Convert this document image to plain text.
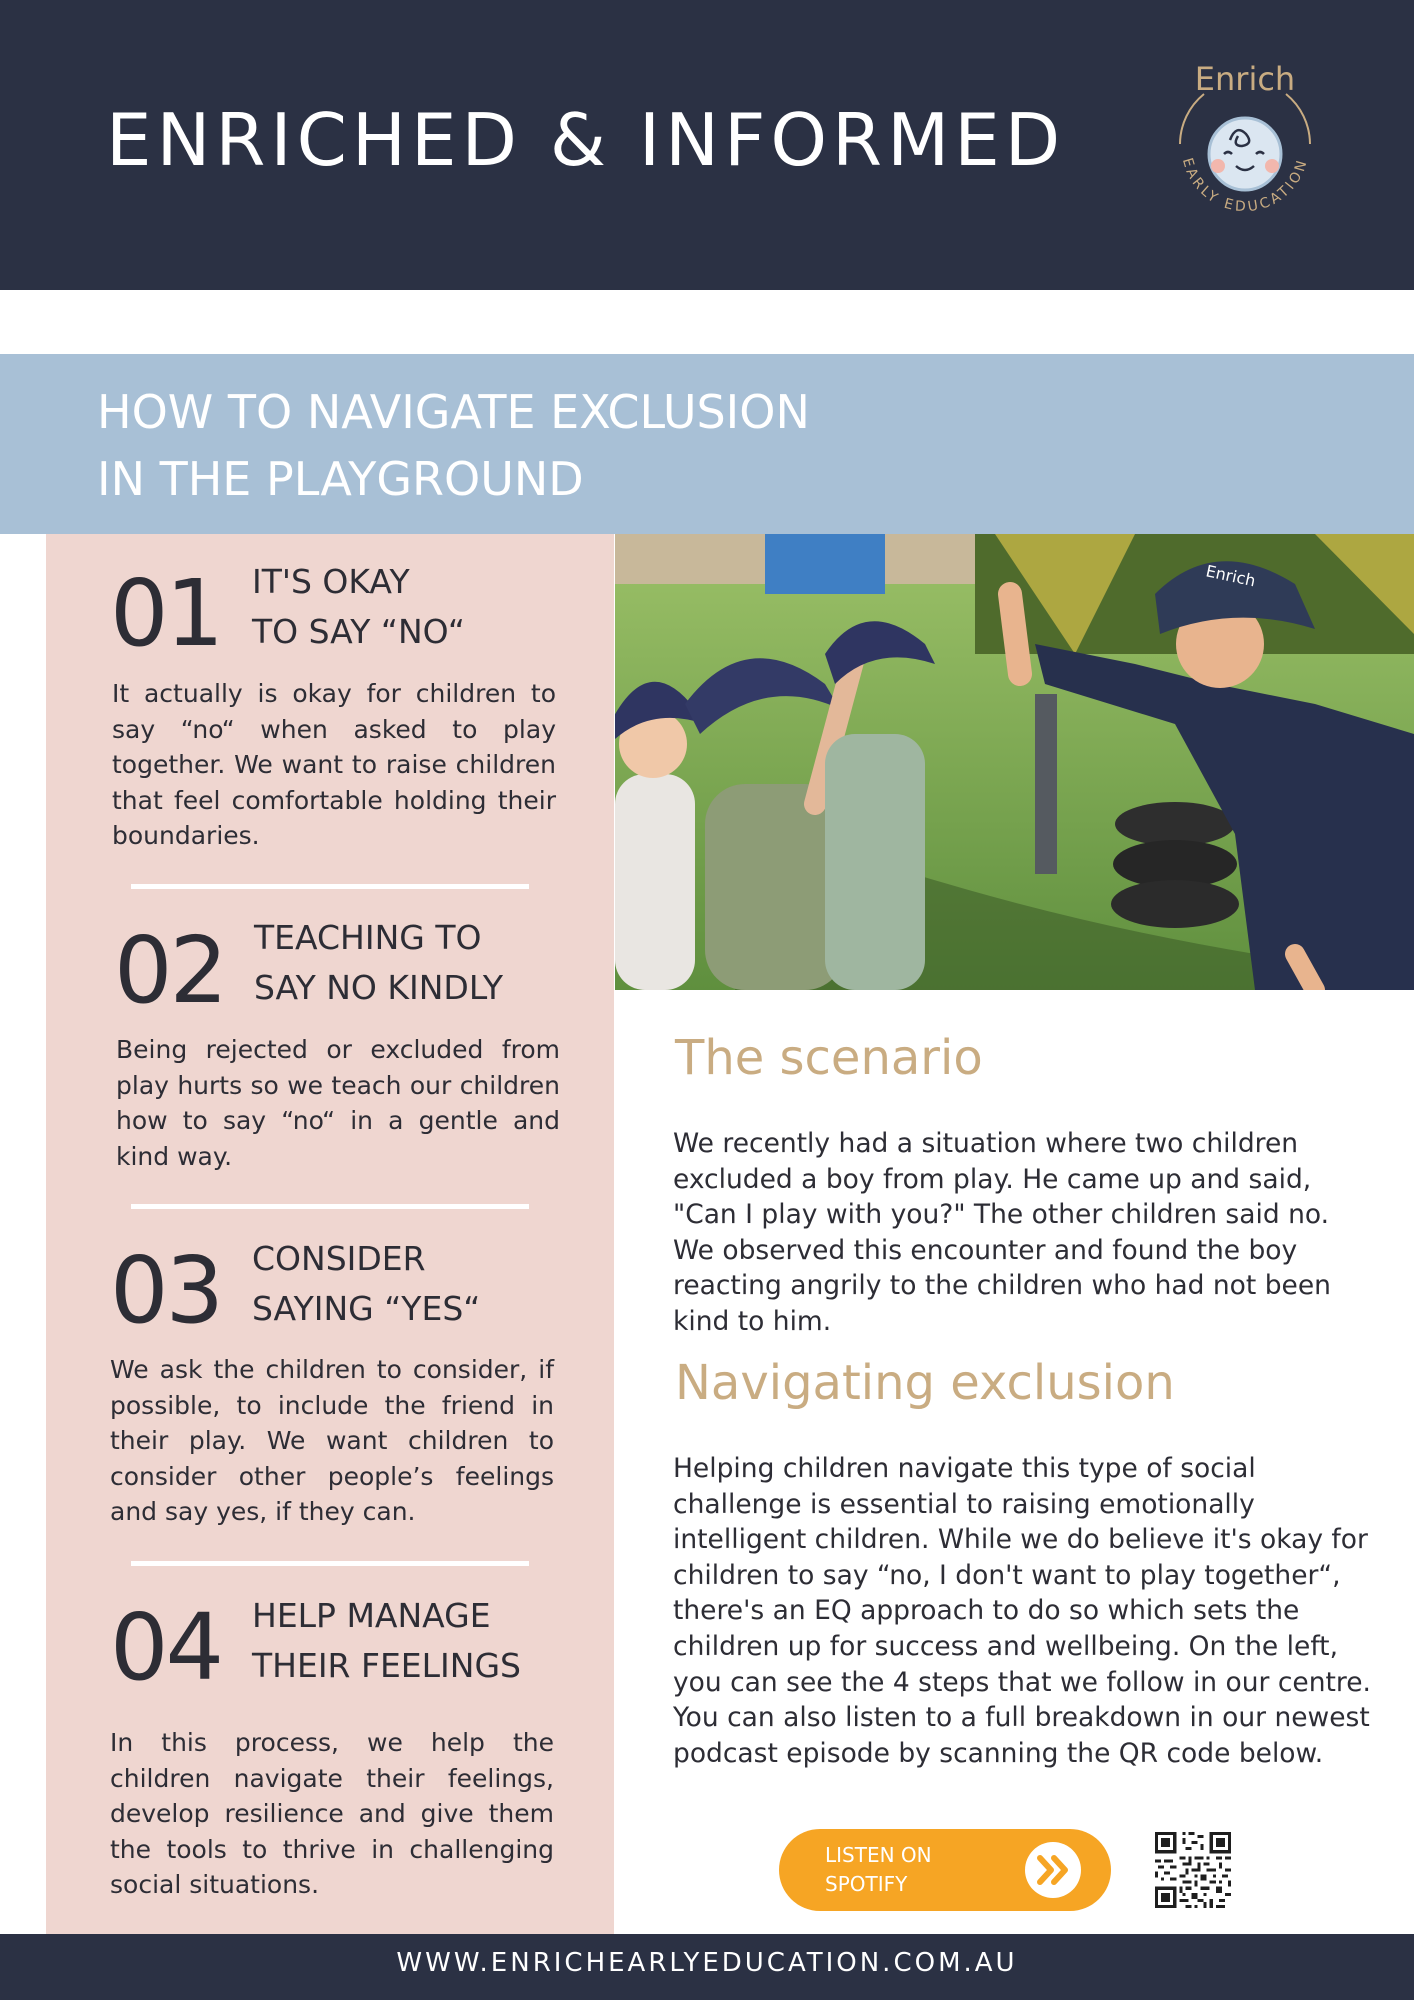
ENRICHED & INFORMED
Enrich
EARLY EDUCATION
HOW TO NAVIGATE EXCLUSION
IN THE PLAYGROUND
01 IT'S OKAY
TO SAY “NO“
It actually is okay for children to say “no“ when asked to play together. We want to raise children that feel comfortable holding their boundaries.
02 TEACHING TO
SAY NO KINDLY
Being rejected or excluded from play hurts so we teach our children how to say “no“ in a gentle and kind way.
03 CONSIDER
SAYING “YES“
We ask the children to consider, if possible, to include the friend in their play. We want children to consider other people’s feelings and say yes, if they can.
04 HELP MANAGE
THEIR FEELINGS
In this process, we help the children navigate their feelings, develop resilience and give them the tools to thrive in challenging social situations.
Enrich
The scenario
We recently had a situation where two children excluded a boy from play. He came up and said, "Can I play with you?" The other children said no. We observed this encounter and found the boy reacting angrily to the children who had not been kind to him.
Navigating exclusion
Helping children navigate this type of social challenge is essential to raising emotionally intelligent children. While we do believe it's okay for children to say “no, I don't want to play together“, there's an EQ approach to do so which sets the children up for success and wellbeing. On the left, you can see the 4 steps that we follow in our centre. You can also listen to a full breakdown in our newest podcast episode by scanning the QR code below.
LISTEN ON
SPOTIFY
WWW.ENRICHEARLYEDUCATION.COM.AU
